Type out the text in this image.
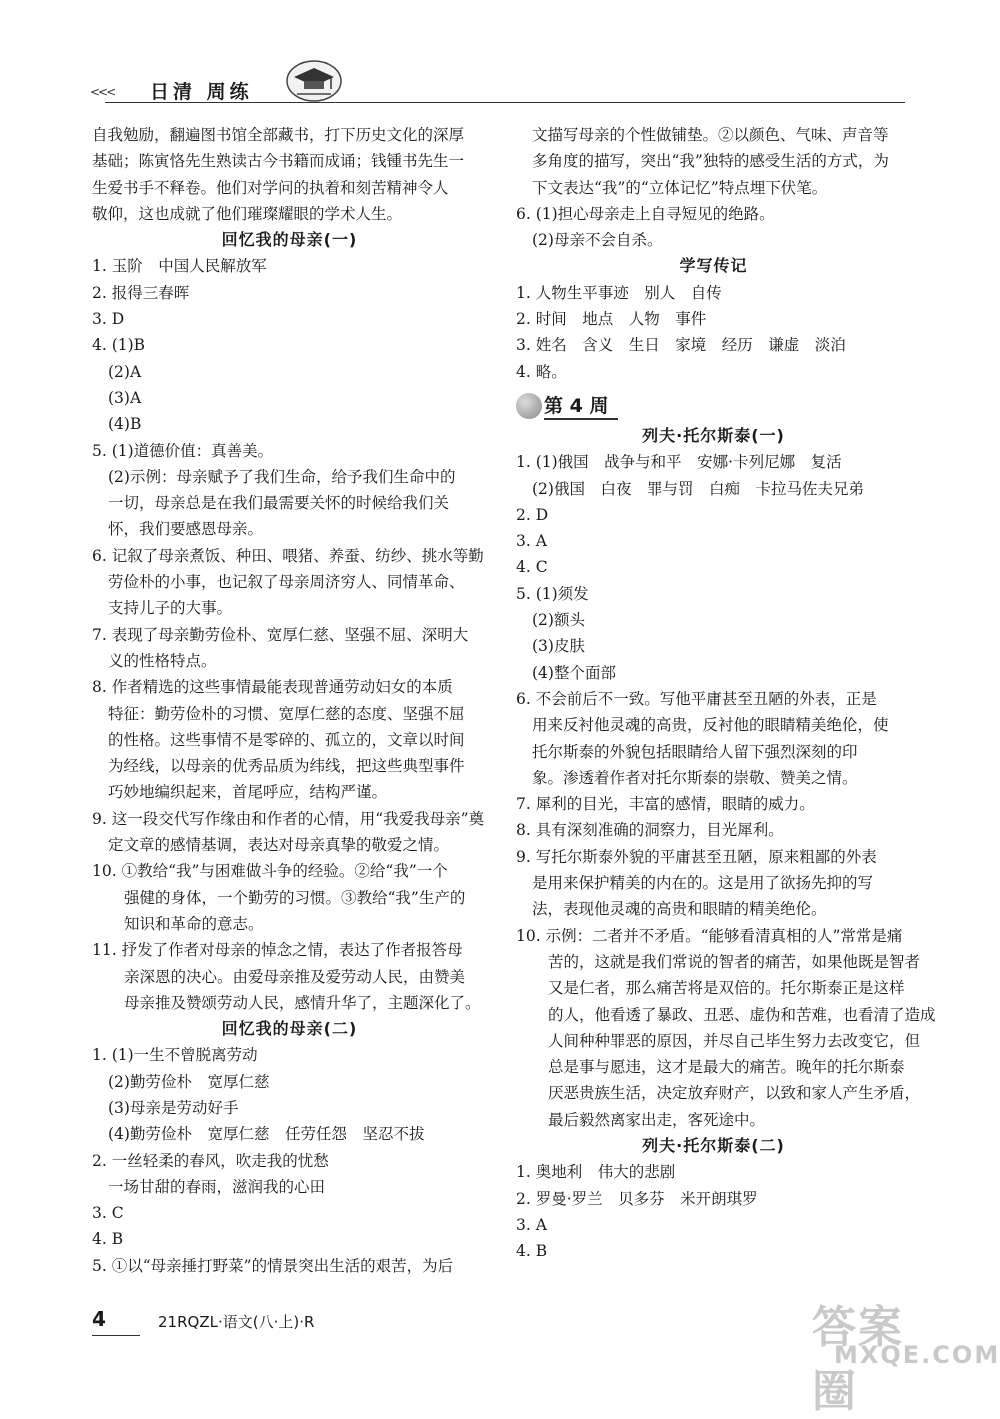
<<< 日清 周练
自我勉励，翻遍图书馆全部藏书，打下历史文化的深厚
基础；陈寅恪先生熟读古今书籍而成诵；钱锺书先生一
生爱书手不释卷。他们对学问的执着和刻苦精神令人
敬仰，这也成就了他们璀璨耀眼的学术人生。
回忆我的母亲(一)
1. 玉阶　中国人民解放军
2. 报得三春晖
3. D
4. (1)B
(2)A
(3)A
(4)B
5. (1)道德价值：真善美。
(2)示例：母亲赋予了我们生命，给予我们生命中的
一切，母亲总是在我们最需要关怀的时候给我们关
怀，我们要感恩母亲。
6. 记叙了母亲煮饭、种田、喂猪、养蚕、纺纱、挑水等勤
劳俭朴的小事，也记叙了母亲周济穷人、同情革命、
支持儿子的大事。
7. 表现了母亲勤劳俭朴、宽厚仁慈、坚强不屈、深明大
义的性格特点。
8. 作者精选的这些事情最能表现普通劳动妇女的本质
特征：勤劳俭朴的习惯、宽厚仁慈的态度、坚强不屈
的性格。这些事情不是零碎的、孤立的，文章以时间
为经线，以母亲的优秀品质为纬线，把这些典型事件
巧妙地编织起来，首尾呼应，结构严谨。
9. 这一段交代写作缘由和作者的心情，用“我爱我母亲”奠
定文章的感情基调，表达对母亲真挚的敬爱之情。
10. ①教给“我”与困难做斗争的经验。②给“我”一个
强健的身体，一个勤劳的习惯。③教给“我”生产的
知识和革命的意志。
11. 抒发了作者对母亲的悼念之情，表达了作者报答母
亲深恩的决心。由爱母亲推及爱劳动人民，由赞美
母亲推及赞颂劳动人民，感情升华了，主题深化了。
回忆我的母亲(二)
1. (1)一生不曾脱离劳动
(2)勤劳俭朴　宽厚仁慈
(3)母亲是劳动好手
(4)勤劳俭朴　宽厚仁慈　任劳任怨　坚忍不拔
2. 一丝轻柔的春风，吹走我的忧愁
一场甘甜的春雨，滋润我的心田
3. C
4. B
5. ①以“母亲捶打野菜”的情景突出生活的艰苦，为后
文描写母亲的个性做铺垫。②以颜色、气味、声音等
多角度的描写，突出“我”独特的感受生活的方式，为
下文表达“我”的“立体记忆”特点埋下伏笔。
6. (1)担心母亲走上自寻短见的绝路。
(2)母亲不会自杀。
学写传记
1. 人物生平事迹　别人　自传
2. 时间　地点　人物　事件
3. 姓名　含义　生日　家境　经历　谦虚　淡泊
4. 略。
第 4 周
列夫·托尔斯泰(一)
1. (1)俄国　战争与和平　安娜·卡列尼娜　复活
(2)俄国　白夜　罪与罚　白痴　卡拉马佐夫兄弟
2. D
3. A
4. C
5. (1)须发
(2)额头
(3)皮肤
(4)整个面部
6. 不会前后不一致。写他平庸甚至丑陋的外表，正是
用来反衬他灵魂的高贵，反衬他的眼睛精美绝伦，使
托尔斯泰的外貌包括眼睛给人留下强烈深刻的印
象。渗透着作者对托尔斯泰的崇敬、赞美之情。
7. 犀利的目光，丰富的感情，眼睛的威力。
8. 具有深刻准确的洞察力，目光犀利。
9. 写托尔斯泰外貌的平庸甚至丑陋，原来粗鄙的外表
是用来保护精美的内在的。这是用了欲扬先抑的写
法，表现他灵魂的高贵和眼睛的精美绝伦。
10. 示例：二者并不矛盾。“能够看清真相的人”常常是痛
苦的，这就是我们常说的智者的痛苦，如果他既是智者
又是仁者，那么痛苦将是双倍的。托尔斯泰正是这样
的人，他看透了暴政、丑恶、虚伪和苦难，也看清了造成
人间种种罪恶的原因，并尽自己毕生努力去改变它，但
总是事与愿违，这才是最大的痛苦。晚年的托尔斯泰
厌恶贵族生活，决定放弃财产，以致和家人产生矛盾，
最后毅然离家出走，客死途中。
列夫·托尔斯泰(二)
1. 奥地利　伟大的悲剧
2. 罗曼·罗兰　贝多芬　米开朗琪罗
3. A
4. B
4	21RQZL·语文(八·上)·R	答案圈
MXQE.COM
